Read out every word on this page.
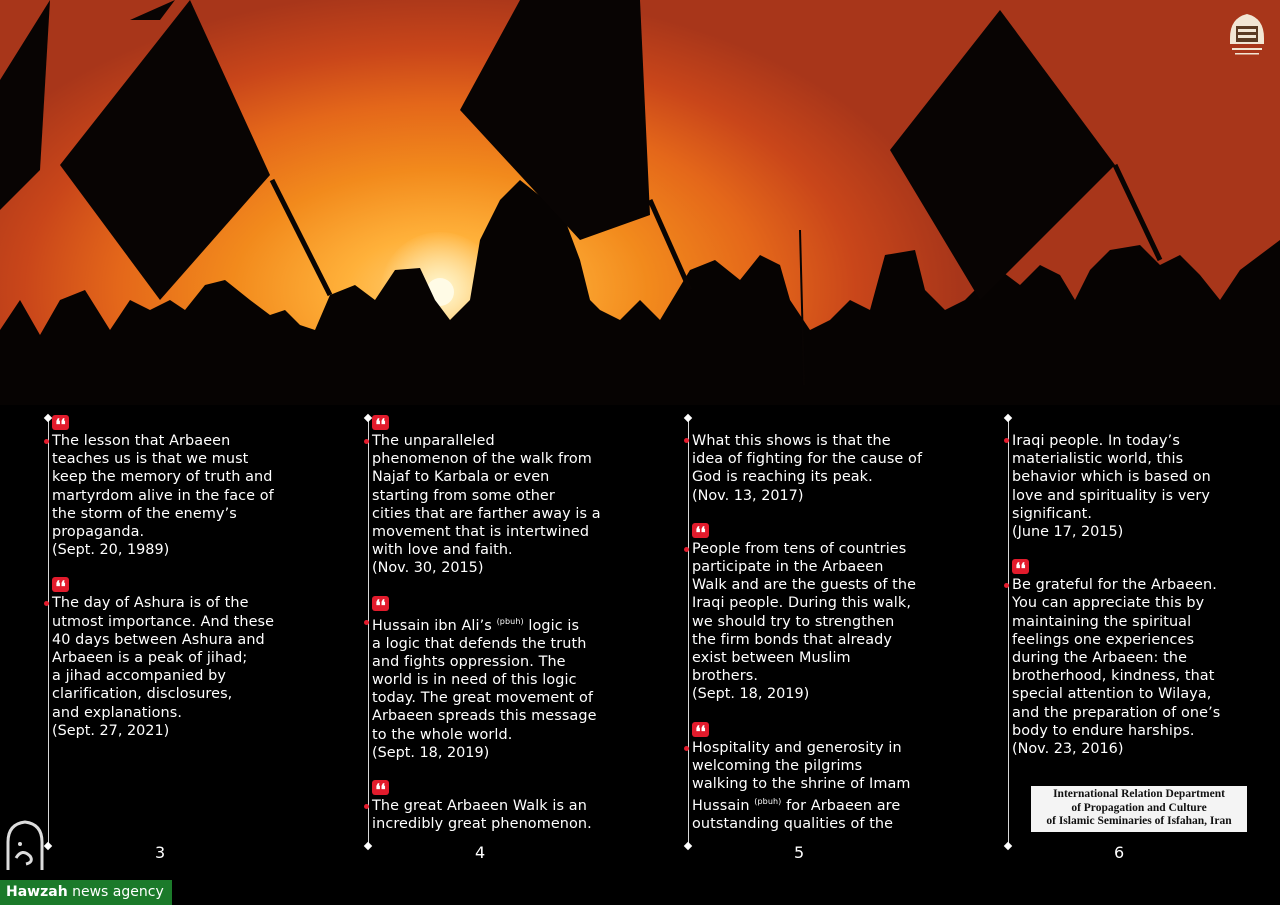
❛❛
The lesson that Arbaeen
teaches us is that we must
keep the memory of truth and
martyrdom alive in the face of
the storm of the enemy’s
propaganda.
(Sept. 20, 1989)
❛❛
The day of Ashura is of the
utmost importance. And these
40 days between Ashura and
Arbaeen is a peak of jihad;
a jihad accompanied by
clarification, disclosures,
and explanations.
(Sept. 27, 2021)
❛❛
The unparalleled
phenomenon of the walk from
Najaf to Karbala or even
starting from some other
cities that are farther away is a
movement that is intertwined
with love and faith.
(Nov. 30, 2015)
❛❛
Hussain ibn Ali’s $^{(pbuh)}$ logic is
a logic that defends the truth
and fights oppression. The
world is in need of this logic
today. The great movement of
Arbaeen spreads this message
to the whole world.
(Sept. 18, 2019)
❛❛
The great Arbaeen Walk is an
incredibly great phenomenon.
What this shows is that the
idea of fighting for the cause of
God is reaching its peak.
(Nov. 13, 2017)
❛❛
People from tens of countries
participate in the Arbaeen
Walk and are the guests of the
Iraqi people. During this walk,
we should try to strengthen
the firm bonds that already
exist between Muslim
brothers.
(Sept. 18, 2019)
❛❛
Hospitality and generosity in
welcoming the pilgrims
walking to the shrine of Imam
Hussain $^{(pbuh)}$ for Arbaeen are
outstanding qualities of the
Iraqi people. In today’s
materialistic world, this
behavior which is based on
love and spirituality is very
significant.
(June 17, 2015)
❛❛
Be grateful for the Arbaeen.
You can appreciate this by
maintaining the spiritual
feelings one experiences
during the Arbaeen: the
brotherhood, kindness, that
special attention to Wilaya,
and the preparation of one’s
body to endure harships.
(Nov. 23, 2016)
3	4	5	6
International Relation Department
of Propagation and Culture
of Islamic Seminaries of Isfahan, Iran
Hawzah news agency
